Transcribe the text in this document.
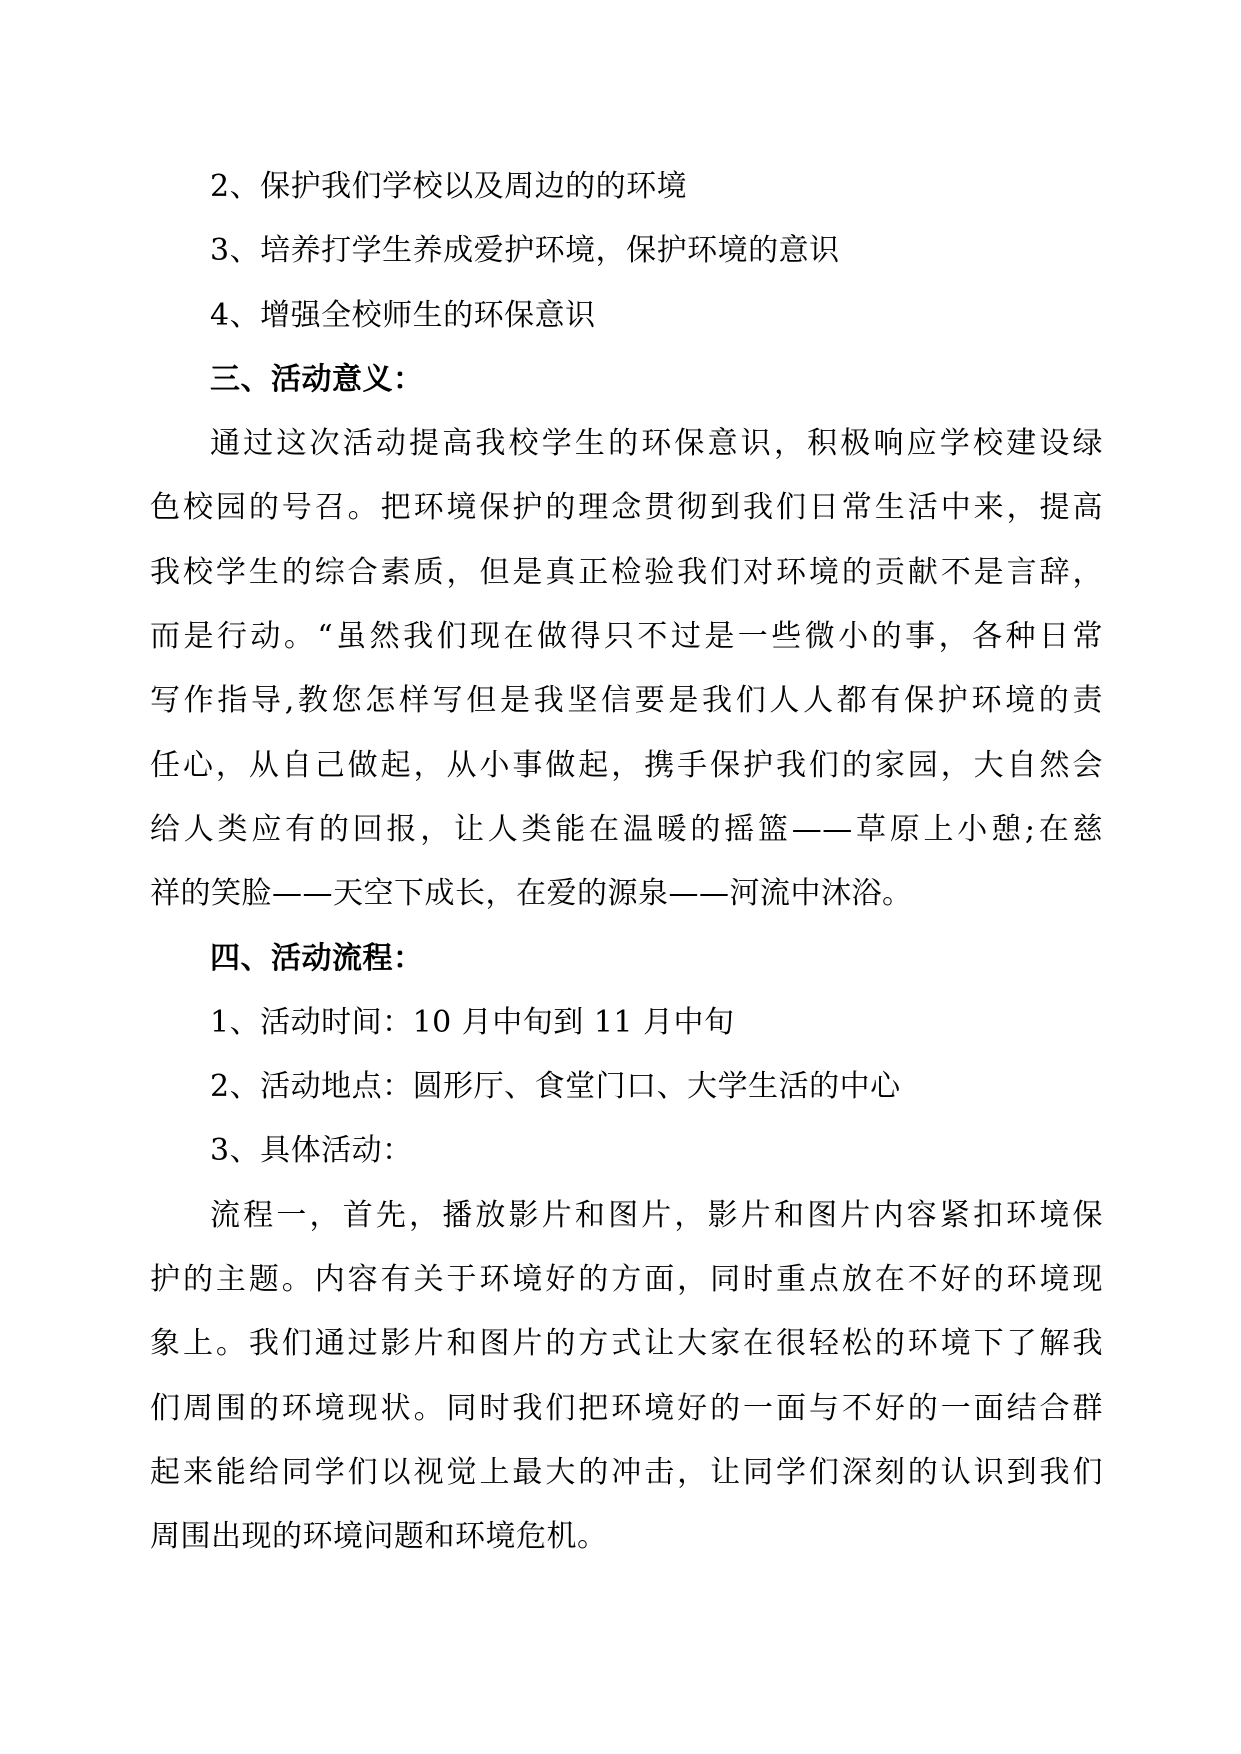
2、保护我们学校以及周边的的环境
3、培养打学生养成爱护环境，保护环境的意识
4、增强全校师生的环保意识
三、活动意义：
通过这次活动提高我校学生的环保意识，积极响应学校建设绿
色校园的号召。把环境保护的理念贯彻到我们日常生活中来，提高
我校学生的综合素质，但是真正检验我们对环境的贡献不是言辞，
而是行动。“虽然我们现在做得只不过是一些微小的事，各种日常
写作指导,教您怎样写但是我坚信要是我们人人都有保护环境的责
任心，从自己做起，从小事做起，携手保护我们的家园，大自然会
给人类应有的回报，让人类能在温暖的摇篮——草原上小憩;在慈
祥的笑脸——天空下成长，在爱的源泉——河流中沐浴。
四、活动流程：
1、活动时间：10 月中旬到 11 月中旬
2、活动地点：圆形厅、食堂门口、大学生活的中心
3、具体活动：
流程一，首先，播放影片和图片，影片和图片内容紧扣环境保
护的主题。内容有关于环境好的方面，同时重点放在不好的环境现
象上。我们通过影片和图片的方式让大家在很轻松的环境下了解我
们周围的环境现状。同时我们把环境好的一面与不好的一面结合群
起来能给同学们以视觉上最大的冲击，让同学们深刻的认识到我们
周围出现的环境问题和环境危机。
